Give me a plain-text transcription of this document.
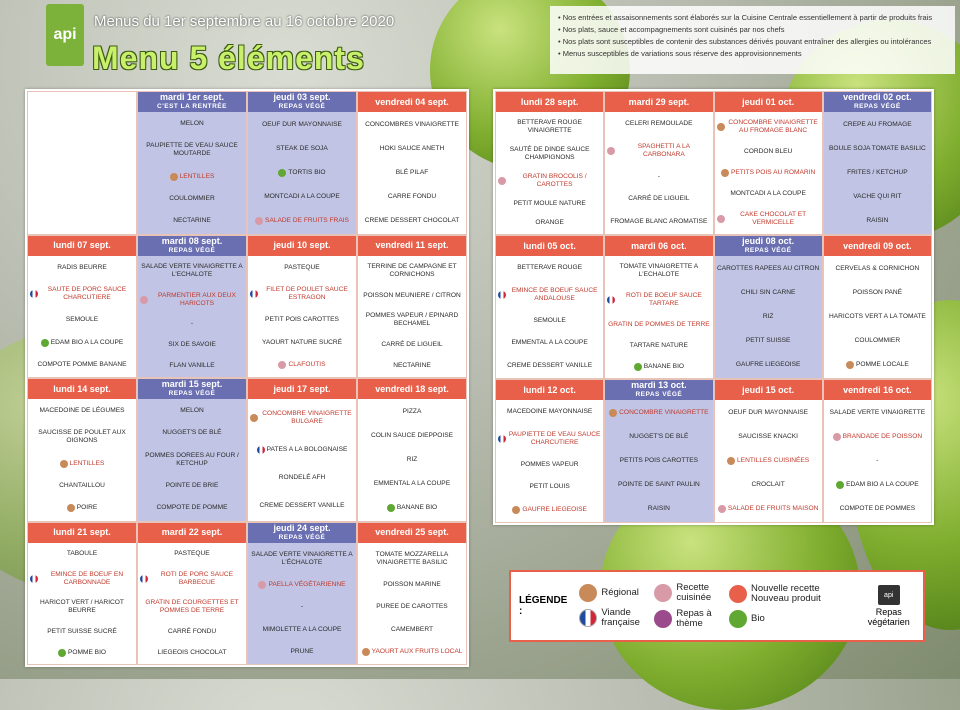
api
Menus du 1er septembre au 16 octobre 2020
Menu 5 éléments
• Nos entrées et assaisonnements sont élaborés sur la Cuisine Centrale essentiellement à partir de produits frais
• Nos plats, sauce et accompagnements sont cuisinés par nos chefs
• Nos plats sont susceptibles de contenir des substances dérivés pouvant entraîner des allergies ou intolérances
• Menus susceptibles de variations sous réserve des approvisionnements
mardi 1er sept.
C'EST LA RENTRÉE
MELON
PAUPIETTE DE VEAU SAUCE MOUTARDE
LENTILLES
COULOMMIER
NECTARINE
jeudi 03 sept.
REPAS VÉGÉ
OEUF DUR MAYONNAISE
STEAK DE SOJA
TORTIS BIO
MONTCADI A LA COUPE
SALADE DE FRUITS FRAIS
vendredi 04 sept.
CONCOMBRES VINAIGRETTE
HOKI SAUCE ANETH
BLÉ PILAF
CARRE FONDU
CREME DESSERT CHOCOLAT
lundi 07 sept.
RADIS BEURRE
SAUTE DE PORC SAUCE CHARCUTIERE
SEMOULE
EDAM BIO A LA COUPE
COMPOTE POMME BANANE
mardi 08 sept.
REPAS VÉGÉ
SALADE VERTE VINAIGRETTE A L'ECHALOTE
PARMENTIER AUX DEUX HARICOTS
-
SIX DE SAVOIE
FLAN VANILLE
jeudi 10 sept.
PASTEQUE
FILET DE POULET SAUCE ESTRAGON
PETIT POIS CAROTTES
YAOURT NATURE SUCRÉ
CLAFOUTIS
vendredi 11 sept.
TERRINE DE CAMPAGNE ET CORNICHONS
POISSON MEUNIERE / CITRON
POMMES VAPEUR / EPINARD BECHAMEL
CARRÉ DE LIGUEIL
NECTARINE
lundi 14 sept.
MACEDOINE DE LÉGUMES
SAUCISSE DE POULET AUX OIGNONS
LENTILLES
CHANTAILLOU
POIRE
mardi 15 sept.
REPAS VÉGÉ
MELON
NUGGET'S DE BLÉ
POMMES DOREES AU FOUR / KETCHUP
POINTE DE BRIE
COMPOTE DE POMME
jeudi 17 sept.
CONCOMBRE VINAIGRETTE BULGARE
PATES A LA BOLOGNAISE
RONDELÉ AFH
CREME DESSERT VANILLE
vendredi 18 sept.
PIZZA
COLIN SAUCE DIEPPOISE
RIZ
EMMENTAL A LA COUPE
BANANE BIO
lundi 21 sept.
TABOULE
EMINCE DE BOEUF EN CARBONNADE
HARICOT VERT / HARICOT BEURRE
PETIT SUISSE SUCRÉ
POMME BIO
mardi 22 sept.
PASTEQUE
ROTI DE PORC SAUCE BARBECUE
GRATIN DE COURGETTES ET POMMES DE TERRE
CARRÉ FONDU
LIEGEOIS CHOCOLAT
jeudi 24 sept.
REPAS VÉGÉ
SALADE VERTE VINAIGRETTE A L'ÉCHALOTE
PAELLA VÉGÉTARIENNE
-
MIMOLETTE A LA COUPE
PRUNE
vendredi 25 sept.
TOMATE MOZZARELLA VINAIGRETTE BASILIC
POISSON MARINE
PUREE DE CAROTTES
CAMEMBERT
YAOURT AUX FRUITS LOCAL
lundi 28 sept.
BETTERAVE ROUGE VINAIGRETTE
SAUTÉ DE DINDE SAUCE CHAMPIGNONS
GRATIN BROCOLIS / CAROTTES
PETIT MOULE NATURE
ORANGE
mardi 29 sept.
CELERI REMOULADE
SPAGHETTI A LA CARBONARA
-
CARRÉ DE LIGUEIL
FROMAGE BLANC AROMATISE
jeudi 01 oct.
CONCOMBRE VINAIGRETTE AU FROMAGE BLANC
CORDON BLEU
PETITS POIS AU ROMARIN
MONTCADI A LA COUPE
CAKE CHOCOLAT ET VERMICELLE
vendredi 02 oct.
REPAS VÉGÉ
CREPE AU FROMAGE
BOULE SOJA TOMATE BASILIC
FRITES / KETCHUP
VACHE QUI RIT
RAISIN
lundi 05 oct.
BETTERAVE ROUGE
EMINCE DE BOEUF SAUCE ANDALOUSE
SEMOULE
EMMENTAL A LA COUPE
CREME DESSERT VANILLE
mardi 06 oct.
TOMATE VINAIGRETTE A L'ECHALOTE
ROTI DE BOEUF SAUCE TARTARE
GRATIN DE POMMES DE TERRE
TARTARE NATURE
BANANE BIO
jeudi 08 oct.
REPAS VÉGÉ
CAROTTES RAPEES AU CITRON
CHILI SIN CARNE
RIZ
PETIT SUISSE
GAUFRE LIEGEOISE
vendredi 09 oct.
CERVELAS & CORNICHON
POISSON PANÉ
HARICOTS VERT A LA TOMATE
COULOMMIER
POMME LOCALE
lundi 12 oct.
MACEDOINE MAYONNAISE
PAUPIETTE DE VEAU SAUCE CHARCUTIERE
POMMES VAPEUR
PETIT LOUIS
GAUFRE LIEGEOISE
mardi 13 oct.
REPAS VÉGÉ
CONCOMBRE VINAIGRETTE
NUGGET'S DE BLÉ
PETITS POIS CAROTTES
POINTE DE SAINT PAULIN
RAISIN
jeudi 15 oct.
OEUF DUR MAYONNAISE
SAUCISSE KNACKI
LENTILLES CUISINÉES
CROCLAIT
SALADE DE FRUITS MAISON
vendredi 16 oct.
SALADE VERTE VINAIGRETTE
BRANDADE DE POISSON
-
EDAM BIO A LA COUPE
COMPOTE DE POMMES
LÉGENDE :
Régional
Viande française
Recette cuisinée
Repas à thème
Nouvelle recette Nouveau produit
Bio
api
Repas végétarien
